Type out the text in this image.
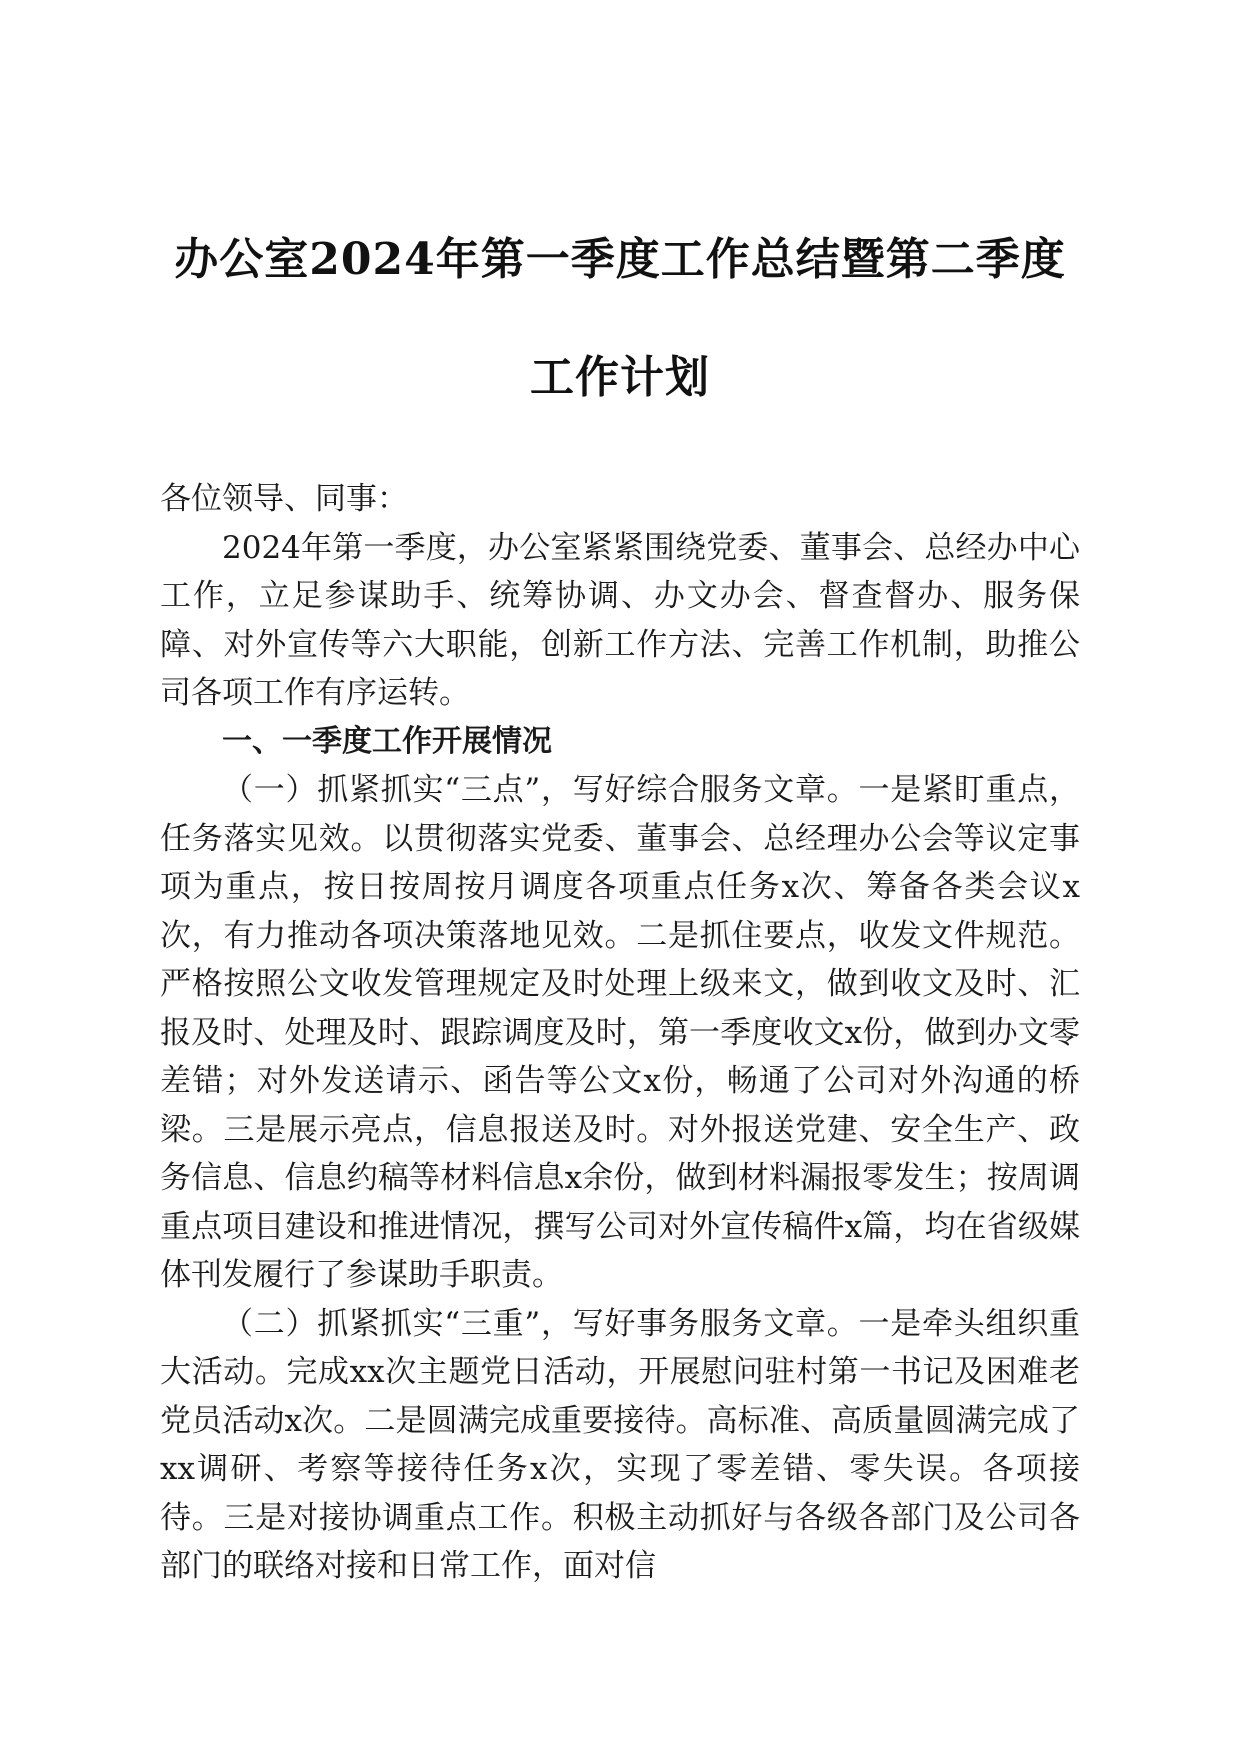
办公室2024年第一季度工作总结暨第二季度
工作计划

各位领导、同事：

2024年第一季度，办公室紧紧围绕党委、董事会、总经办中心工作，立足参谋助手、统筹协调、办文办会、督查督办、服务保障、对外宣传等六大职能，创新工作方法、完善工作机制，助推公司各项工作有序运转。

一、一季度工作开展情况

（一）抓紧抓实“三点”，写好综合服务文章。一是紧盯重点，任务落实见效。以贯彻落实党委、董事会、总经理办公会等议定事项为重点，按日按周按月调度各项重点任务x次、筹备各类会议x次，有力推动各项决策落地见效。二是抓住要点，收发文件规范。严格按照公文收发管理规定及时处理上级来文，做到收文及时、汇报及时、处理及时、跟踪调度及时，第一季度收文x份，做到办文零差错；对外发送请示、函告等公文x份，畅通了公司对外沟通的桥梁。三是展示亮点，信息报送及时。对外报送党建、安全生产、政务信息、信息约稿等材料信息x余份，做到材料漏报零发生；按周调重点项目建设和推进情况，撰写公司对外宣传稿件x篇，均在省级媒体刊发履行了参谋助手职责。

（二）抓紧抓实“三重”，写好事务服务文章。一是牵头组织重大活动。完成xx次主题党日活动，开展慰问驻村第一书记及困难老党员活动x次。二是圆满完成重要接待。高标准、高质量圆满完成了xx调研、考察等接待任务x次，实现了零差错、零失误。各项接待。三是对接协调重点工作。积极主动抓好与各级各部门及公司各部门的联络对接和日常工作，面对信
